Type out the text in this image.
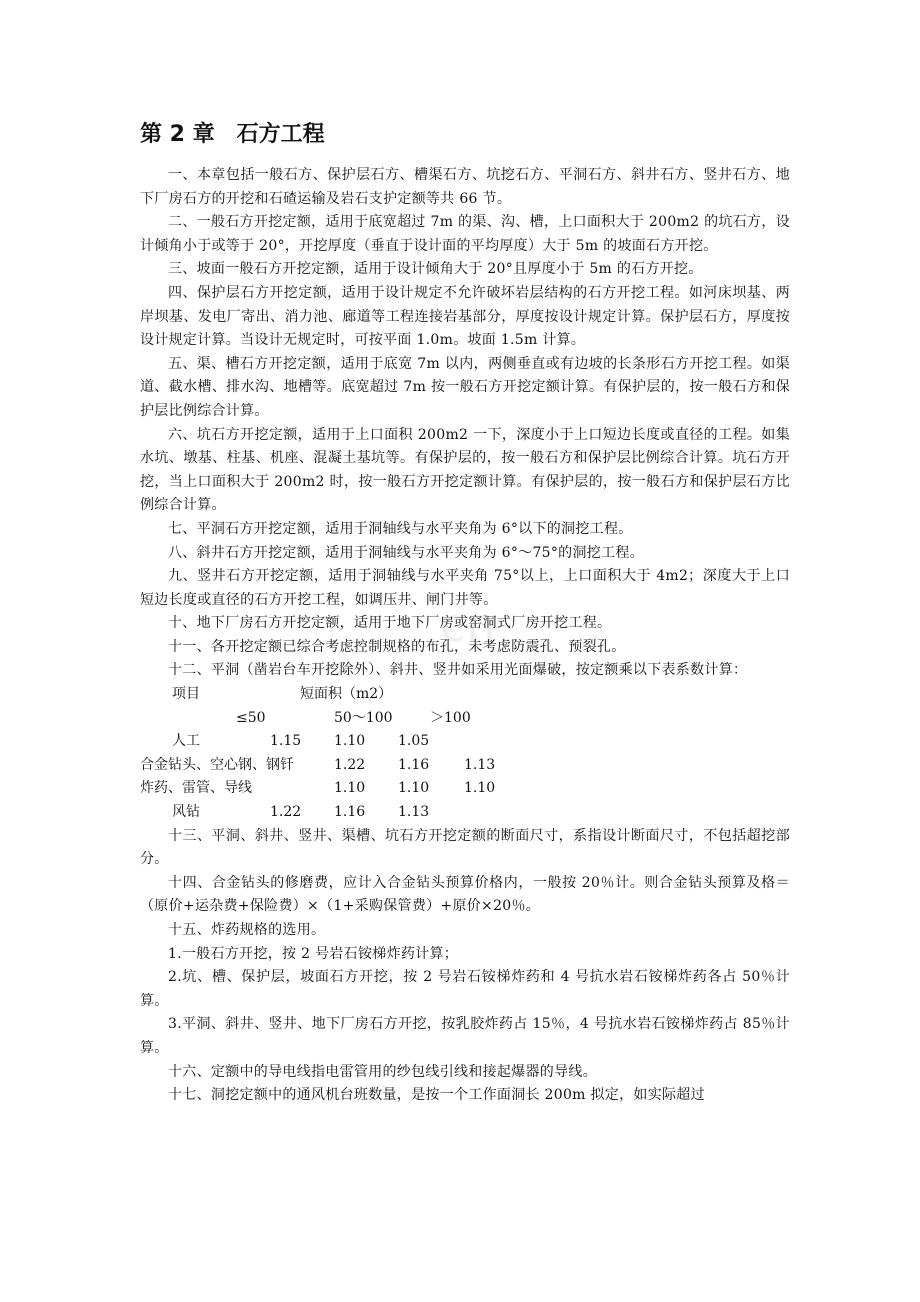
第 2 章 石方工程

一、本章包括一般石方、保护层石方、槽渠石方、坑挖石方、平洞石方、斜井石方、竖井石方、地下厂房石方的开挖和石碴运输及岩石支护定额等共 66 节。

二、一般石方开挖定额，适用于底宽超过 7m 的渠、沟、槽，上口面积大于 200m2 的坑石方，设计倾角小于或等于 20°，开挖厚度（垂直于设计面的平均厚度）大于 5m 的坡面石方开挖。

三、坡面一般石方开挖定额，适用于设计倾角大于 20°且厚度小于 5m 的石方开挖。

四、保护层石方开挖定额，适用于设计规定不允许破坏岩层结构的石方开挖工程。如河床坝基、两岸坝基、发电厂寄出、消力池、廊道等工程连接岩基部分，厚度按设计规定计算。保护层石方，厚度按设计规定计算。当设计无规定时，可按平面 1.0m。坡面 1.5m 计算。

五、渠、槽石方开挖定额，适用于底宽 7m 以内，两侧垂直或有边坡的长条形石方开挖工程。如渠道、截水槽、排水沟、地槽等。底宽超过 7m 按一般石方开挖定额计算。有保护层的，按一般石方和保护层比例综合计算。

六、坑石方开挖定额，适用于上口面积 200m2 一下，深度小于上口短边长度或直径的工程。如集水坑、墩基、柱基、机座、混凝土基坑等。有保护层的，按一般石方和保护层比例综合计算。坑石方开挖，当上口面积大于 200m2 时，按一般石方开挖定额计算。有保护层的，按一般石方和保护层石方比例综合计算。

七、平洞石方开挖定额，适用于洞轴线与水平夹角为 6°以下的洞挖工程。

八、斜井石方开挖定额，适用于洞轴线与水平夹角为 6°～75°的洞挖工程。

九、竖井石方开挖定额，适用于洞轴线与水平夹角 75°以上，上口面积大于 4m2；深度大于上口短边长度或直径的石方开挖工程，如调压井、闸门井等。

十、地下厂房石方开挖定额，适用于地下厂房或窑洞式厂房开挖工程。

十一、各开挖定额已综合考虑控制规格的布孔，未考虑防震孔、预裂孔。

十二、平洞（凿岩台车开挖除外）、斜井、竖井如采用光面爆破，按定额乘以下表系数计算：

项目	短面积（m2）
≤50	50～100	＞100
人工	1.15 1.10 1.05
合金钻头、空心钢、钢钎	1.22 1.16 1.13
炸药、雷管、导线	1.10 1.10 1.10
风钻	1.22 1.16 1.13

十三、平洞、斜井、竖井、渠槽、坑石方开挖定额的断面尺寸，系指设计断面尺寸，不包括超挖部分。

十四、合金钻头的修磨费，应计入合金钻头预算价格内，一般按 20％计。则合金钻头预算及格＝（原价+运杂费+保险费）×（1+采购保管费）+原价×20％。

十五、炸药规格的选用。

1.一般石方开挖，按 2 号岩石铵梯炸药计算；

2.坑、槽、保护层，坡面石方开挖，按 2 号岩石铵梯炸药和 4 号抗水岩石铵梯炸药各占 50％计算。

3.平洞、斜井、竖井、地下厂房石方开挖，按乳胶炸药占 15％，4 号抗水岩石铵梯炸药占 85％计算。

十六、定额中的导电线指电雷管用的纱包线引线和接起爆器的导线。

十七、洞挖定额中的通风机台班数量，是按一个工作面洞长 200m 拟定，如实际超过

cn
